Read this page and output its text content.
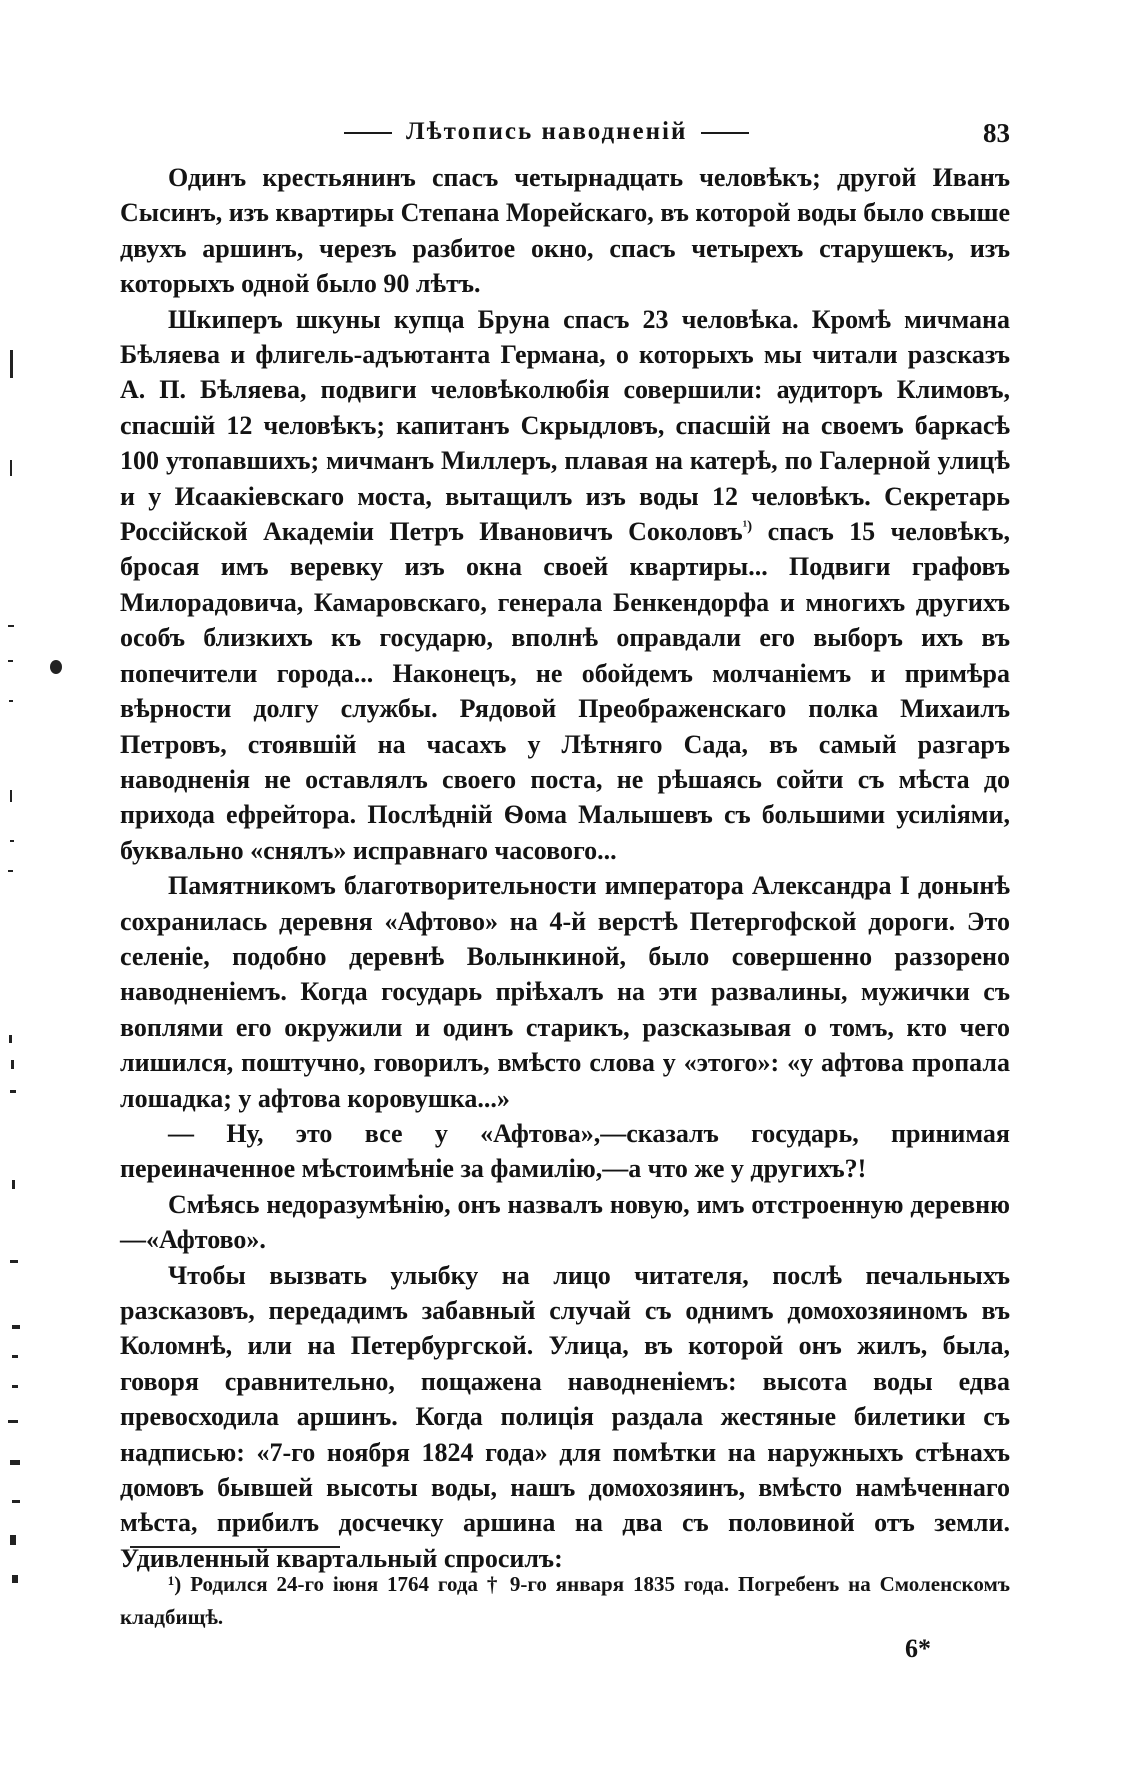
Лѣтопись наводненій	83

Одинъ крестьянинъ спасъ четырнадцать человѣкъ; другой Иванъ Сысинъ, изъ квартиры Степана Морейскаго, въ которой воды было свыше двухъ аршинъ, черезъ разбитое окно, спасъ четырехъ старушекъ, изъ которыхъ одной было 90 лѣтъ.

Шкиперъ шкуны купца Бруна спасъ 23 человѣка. Кромѣ мичмана Бѣляева и флигель-адъютанта Германа, о которыхъ мы читали разсказъ А. П. Бѣляева, подвиги человѣколюбія совершили: аудиторъ Климовъ, спасшій 12 человѣкъ; капитанъ Скрыдловъ, спасшій на своемъ баркасѣ 100 утопавшихъ; мичманъ Миллеръ, плавая на катерѣ, по Галерной улицѣ и у Исаакіевскаго моста, вытащилъ изъ воды 12 человѣкъ. Секретарь Россійской Академіи Петръ Ивановичъ Соколовъ$^{^1)}$ спасъ 15 человѣкъ, бросая имъ веревку изъ окна своей квартиры... Подвиги графовъ Милорадовича, Камаровскаго, генерала Бенкендорфа и многихъ другихъ особъ близкихъ къ государю, вполнѣ оправдали его выборъ ихъ въ попечители города... Наконецъ, не обойдемъ молчаніемъ и примѣра вѣрности долгу службы. Рядовой Преображенскаго полка Михаилъ Петровъ, стоявшій на часахъ у Лѣтняго Сада, въ самый разгаръ наводненія не оставлялъ своего поста, не рѣшаясь сойти съ мѣста до прихода ефрейтора. Послѣдній Ѳома Малышевъ съ большими усиліями, буквально «снялъ» исправнаго часового...

Памятникомъ благотворительности императора Александра I донынѣ сохранилась деревня «Афтово» на 4-й верстѣ Петергофской дороги. Это селеніе, подобно деревнѣ Волынкиной, было совершенно раззорено наводненіемъ. Когда государь пріѣхалъ на эти развалины, мужички съ воплями его окружили и одинъ старикъ, разсказывая о томъ, кто чего лишился, поштучно, говорилъ, вмѣсто слова у «этого»: «у афтова пропала лошадка; у афтова коровушка...»

— Ну, это все у «Афтова»,—сказалъ государь, принимая переиначенное мѣстоимѣніе за фамилію,—а что же у другихъ?!

Смѣясь недоразумѣнію, онъ назвалъ новую, имъ отстроенную деревню—«Афтово».

Чтобы вызвать улыбку на лицо читателя, послѣ печальныхъ разсказовъ, передадимъ забавный случай съ однимъ домохозяиномъ въ Коломнѣ, или на Петербургской. Улица, въ которой онъ жилъ, была, говоря сравнительно, пощажена наводненіемъ: высота воды едва превосходила аршинъ. Когда полиція раздала жестяные билетики съ надписью: «7-го ноября 1824 года» для помѣтки на наружныхъ стѣнахъ домовъ бывшей высоты воды, нашъ домохозяинъ, вмѣсто намѣченнаго мѣста, прибилъ досчечку аршина на два съ половиной отъ земли. Удивленный квартальный спросилъ:

¹) Родился 24-го іюня 1764 года † 9-го января 1835 года. Погребенъ на Смоленскомъ кладбищѣ.

6*
